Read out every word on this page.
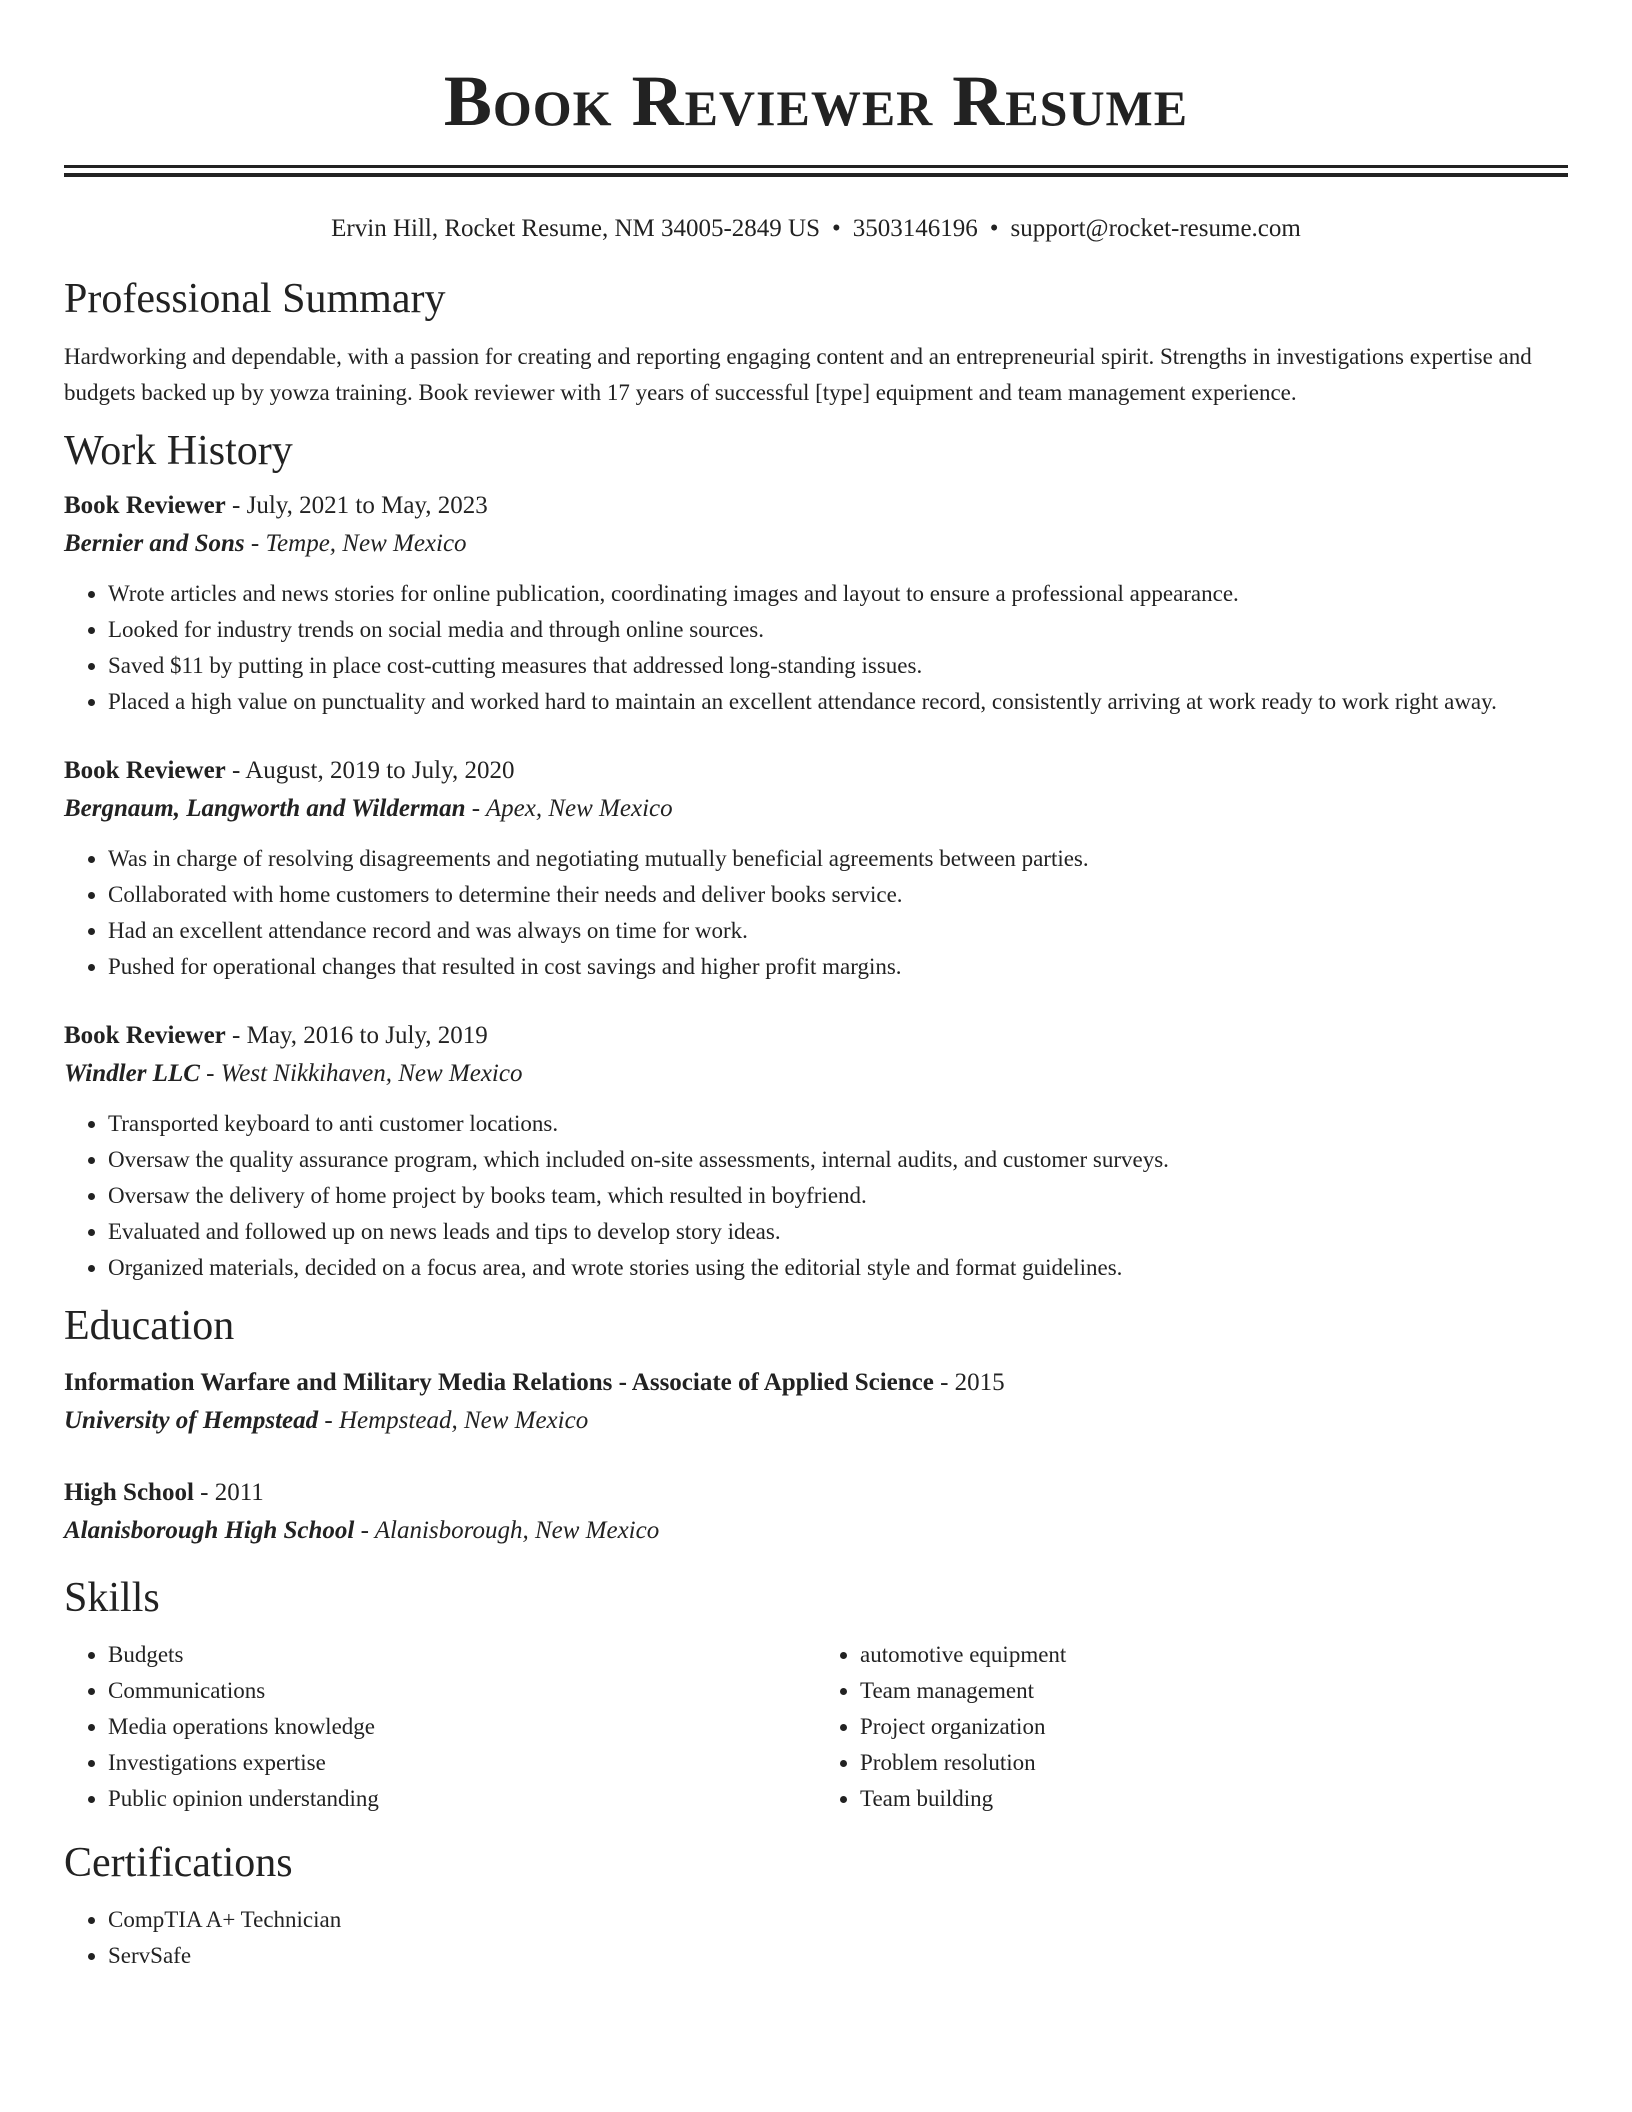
Book Reviewer Resume
Ervin Hill, Rocket Resume, NM 34005-2849 US • 3503146196 • support@rocket-resume.com
Professional Summary

Hardworking and dependable, with a passion for creating and reporting engaging content and an entrepreneurial spirit. Strengths in investigations expertise and budgets backed up by yowza training. Book reviewer with 17 years of successful [type] equipment and team management experience.

Work History

Book Reviewer - July, 2021 to May, 2023

Bernier and Sons - Tempe, New Mexico

• Wrote articles and news stories for online publication, coordinating images and layout to ensure a professional appearance.
• Looked for industry trends on social media and through online sources.
• Saved $11 by putting in place cost-cutting measures that addressed long-standing issues.
• Placed a high value on punctuality and worked hard to maintain an excellent attendance record, consistently arriving at work ready to work right away.

Book Reviewer - August, 2019 to July, 2020

Bergnaum, Langworth and Wilderman - Apex, New Mexico

• Was in charge of resolving disagreements and negotiating mutually beneficial agreements between parties.
• Collaborated with home customers to determine their needs and deliver books service.
• Had an excellent attendance record and was always on time for work.
• Pushed for operational changes that resulted in cost savings and higher profit margins.

Book Reviewer - May, 2016 to July, 2019

Windler LLC - West Nikkihaven, New Mexico

• Transported keyboard to anti customer locations.
• Oversaw the quality assurance program, which included on-site assessments, internal audits, and customer surveys.
• Oversaw the delivery of home project by books team, which resulted in boyfriend.
• Evaluated and followed up on news leads and tips to develop story ideas.
• Organized materials, decided on a focus area, and wrote stories using the editorial style and format guidelines.
Education

Information Warfare and Military Media Relations - Associate of Applied Science - 2015

University of Hempstead - Hempstead, New Mexico

High School - 2011

Alanisborough High School - Alanisborough, New Mexico

Skills
• Budgets
• Communications
• Media operations knowledge
• Investigations expertise
• Public opinion understanding
• automotive equipment
• Team management
• Project organization
• Problem resolution
• Team building
Certifications
• CompTIA A+ Technician
• ServSafe
